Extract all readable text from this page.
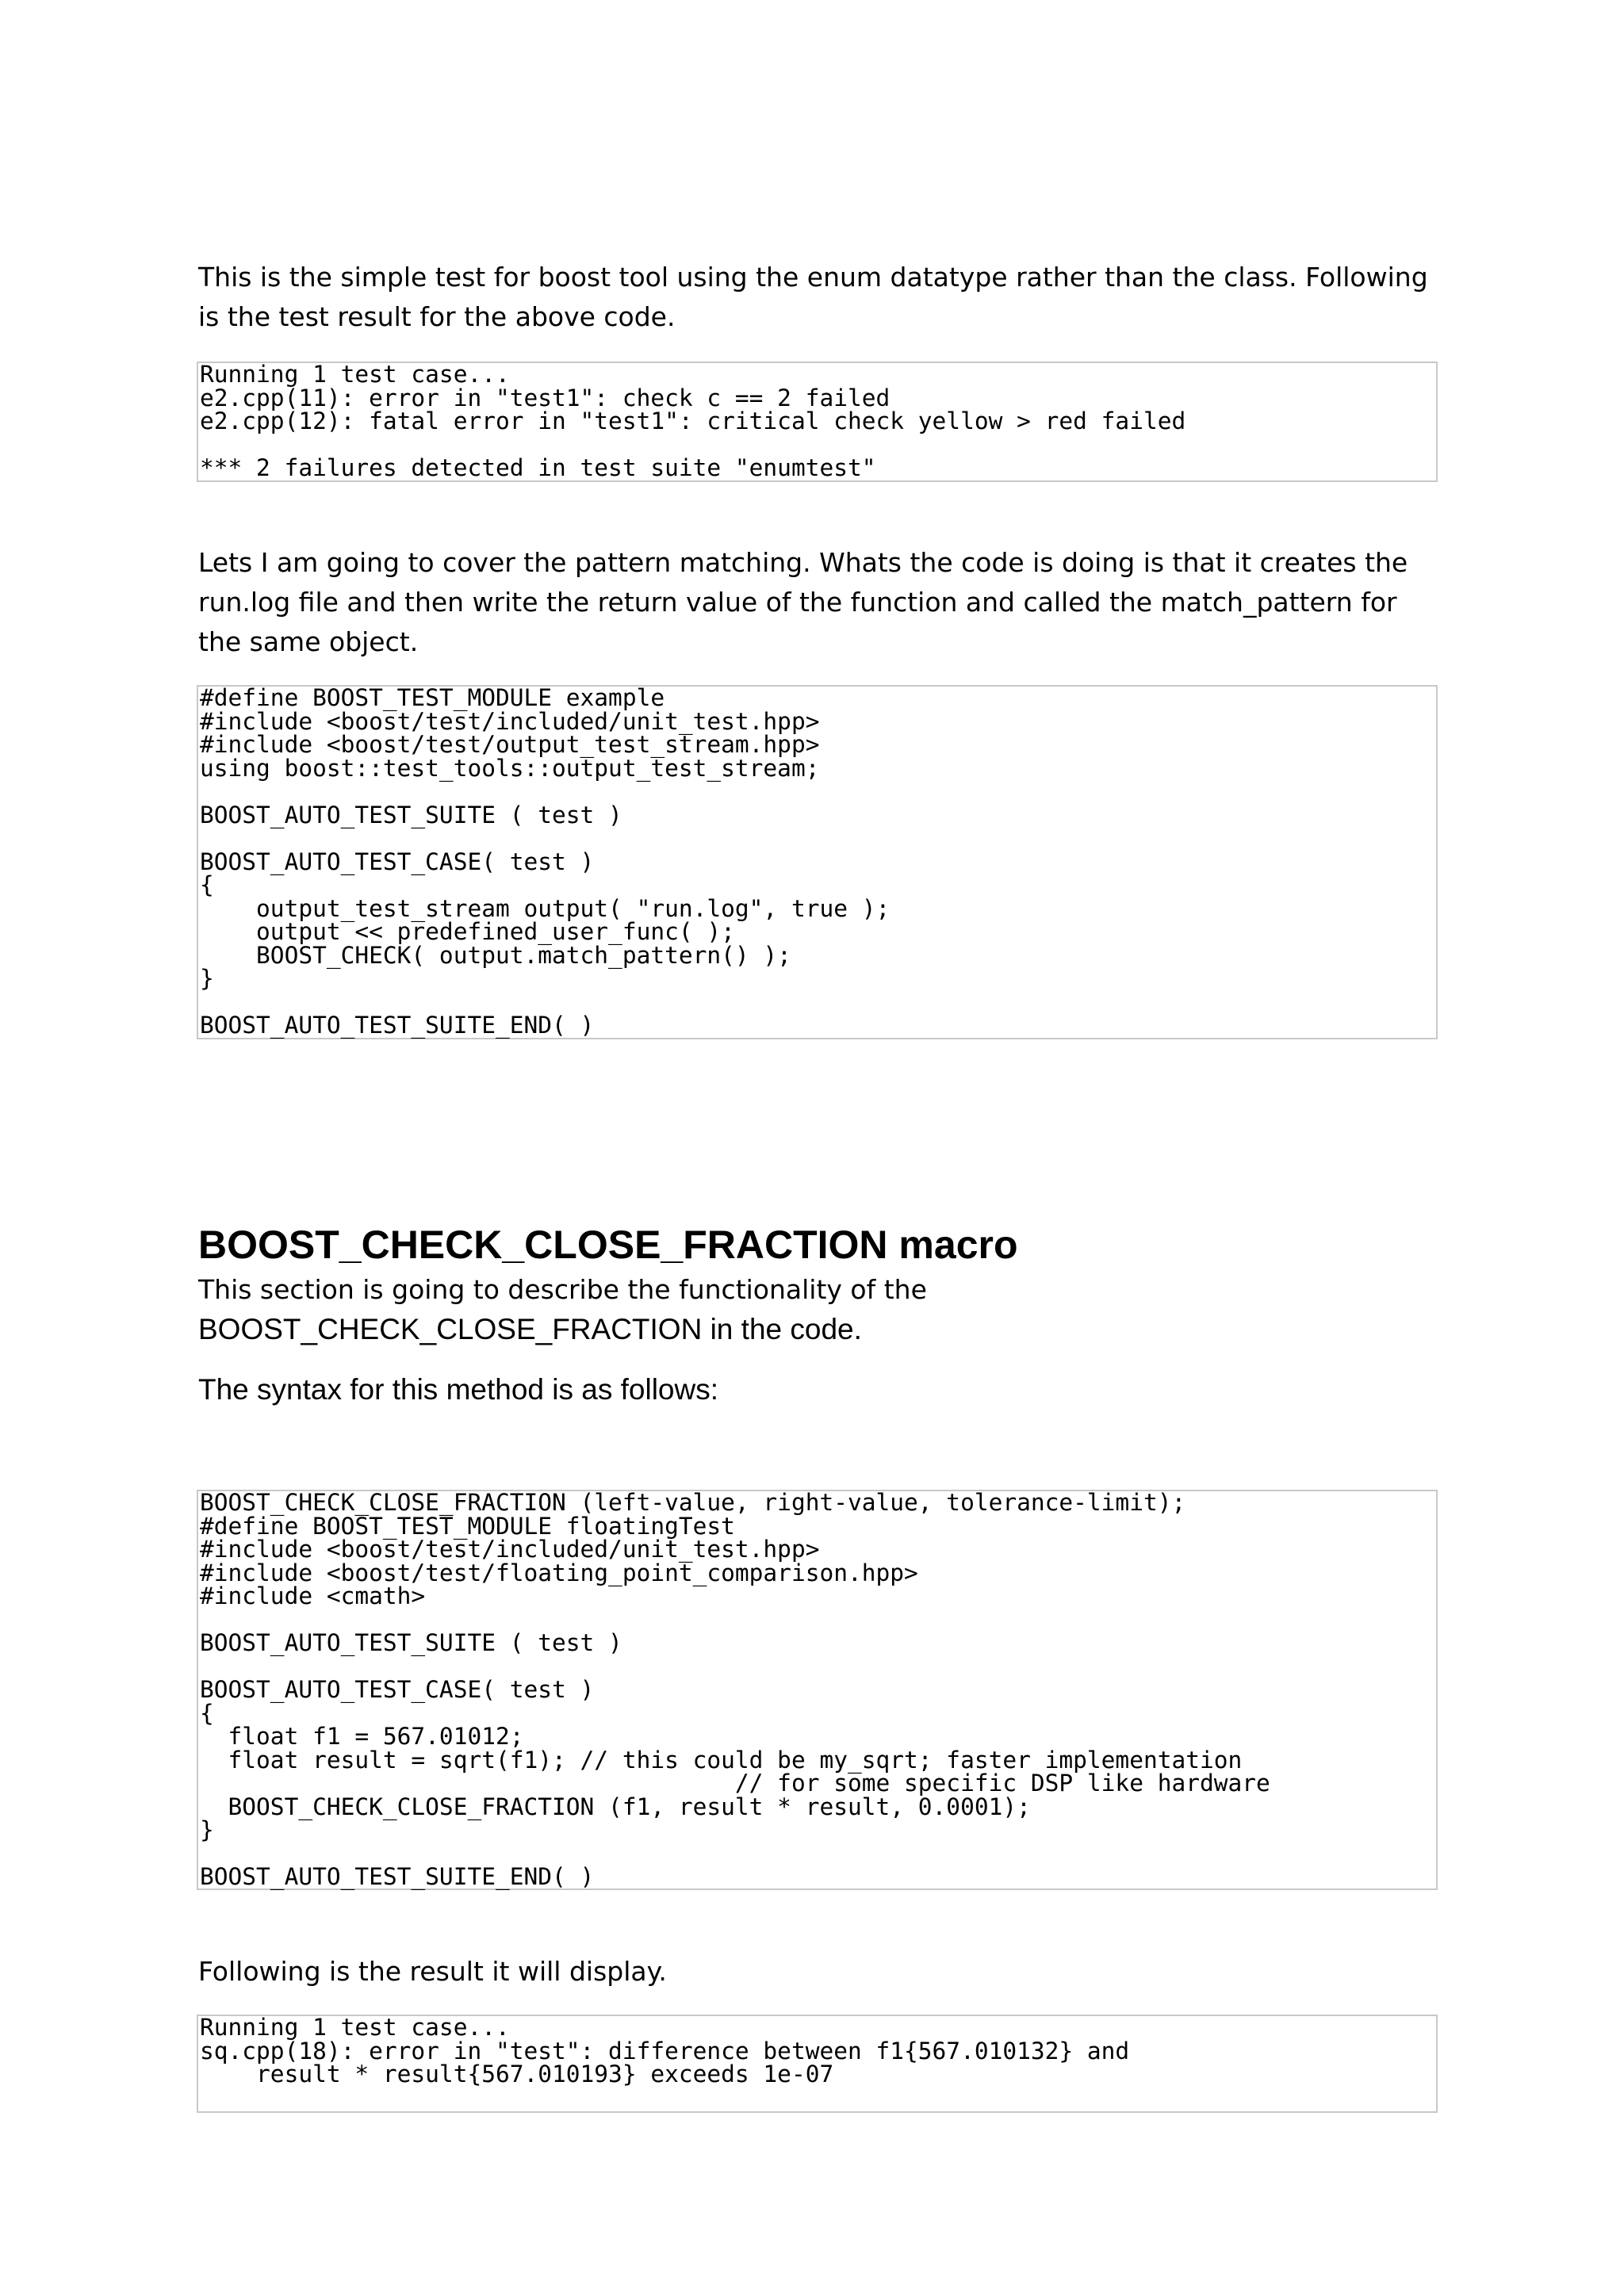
This is the simple test for boost tool using the enum datatype rather than the class. Following is the test result for the above code.

Running 1 test case...
e2.cpp(11): error in "test1": check c == 2 failed
e2.cpp(12): fatal error in "test1": critical check yellow > red failed

*** 2 failures detected in test suite "enumtest"

Lets I am going to cover the pattern matching. Whats the code is doing is that it creates the run.log file and then write the return value of the function and called the match_pattern for the same object.

#define BOOST_TEST_MODULE example
#include <boost/test/included/unit_test.hpp>
#include <boost/test/output_test_stream.hpp>
using boost::test_tools::output_test_stream;

BOOST_AUTO_TEST_SUITE ( test )

BOOST_AUTO_TEST_CASE( test )
{
output_test_stream output( "run.log", true );
output << predefined_user_func( );
BOOST_CHECK( output.match_pattern() );
}

BOOST_AUTO_TEST_SUITE_END( )
BOOST_CHECK_CLOSE_FRACTION macro

This section is going to describe the functionality of the BOOST_CHECK_CLOSE_FRACTION in the code.

The syntax for this method is as follows:

BOOST_CHECK_CLOSE_FRACTION (left-value, right-value, tolerance-limit);
#define BOOST_TEST_MODULE floatingTest
#include <boost/test/included/unit_test.hpp>
#include <boost/test/floating_point_comparison.hpp>
#include <cmath>

BOOST_AUTO_TEST_SUITE ( test )

BOOST_AUTO_TEST_CASE( test )
{
float f1 = 567.01012;
float result = sqrt(f1); // this could be my_sqrt; faster implementation
// for some specific DSP like hardware
BOOST_CHECK_CLOSE_FRACTION (f1, result * result, 0.0001);
}

BOOST_AUTO_TEST_SUITE_END( )

Following is the result it will display.

Running 1 test case...
sq.cpp(18): error in "test": difference between f1{567.010132} and
result * result{567.010193} exceeds 1e-07
